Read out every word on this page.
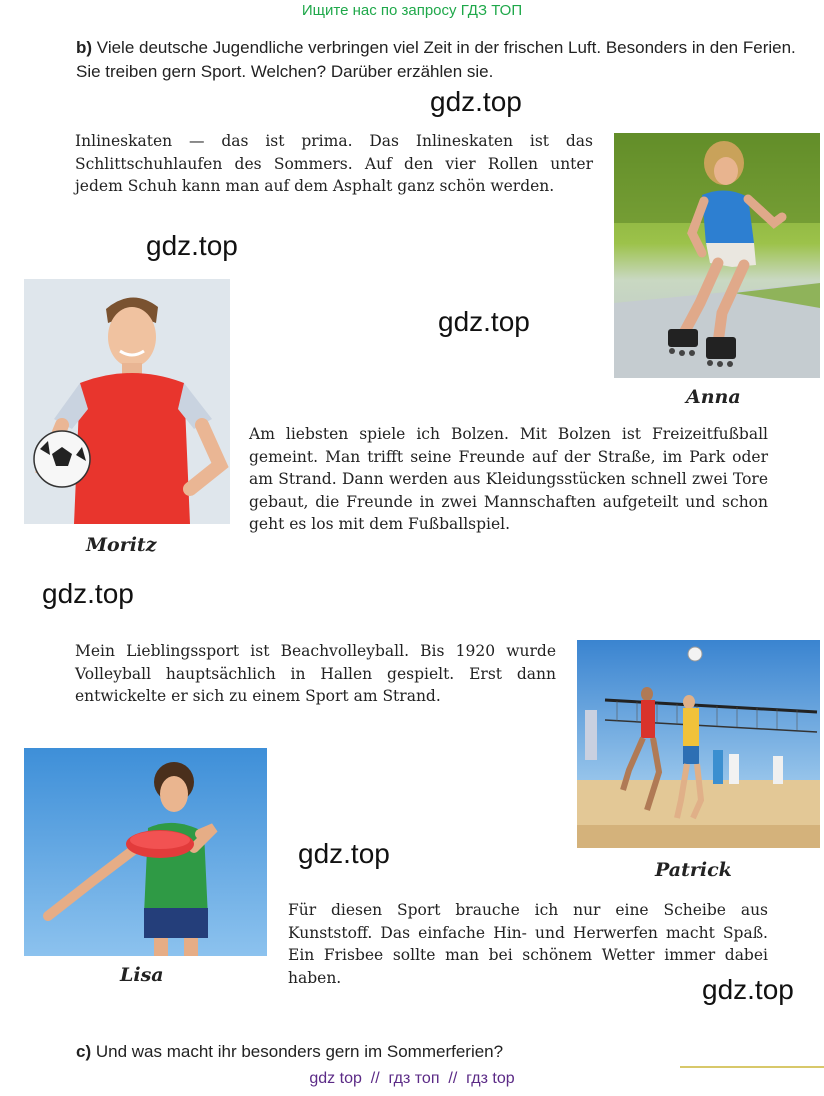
Ищите нас по запросу ГДЗ ТОП
b) Viele deutsche Jugendliche verbringen viel Zeit in der frischen Luft. Besonders in den Ferien. Sie treiben gern Sport. Welchen? Darüber erzählen sie.
gdz.top
gdz.top
gdz.top
gdz.top
gdz.top
gdz.top
Inlineskaten — das ist prima. Das Inlineskaten ist das Schlittschuhlaufen des Sommers. Auf den vier Rollen unter jedem Schuh kann man auf dem Asphalt ganz schön werden.
Anna
Moritz
Am liebsten spiele ich Bolzen. Mit Bolzen ist Freizeitfußball gemeint. Man trifft seine Freunde auf der Straße, im Park oder am Strand. Dann werden aus Kleidungsstücken schnell zwei Tore gebaut, die Freunde in zwei Mannschaften aufgeteilt und schon geht es los mit dem Fußballspiel.
Mein Lieblingssport ist Beachvolleyball. Bis 1920 wurde Volleyball hauptsächlich in Hallen gespielt. Erst dann entwickelte er sich zu einem Sport am Strand.
Patrick
Lisa
Für diesen Sport brauche ich nur eine Scheibe aus Kunststoff. Das einfache Hin- und Herwerfen macht Spaß. Ein Frisbee sollte man bei schönem Wetter immer dabei haben.
c) Und was macht ihr besonders gern im Sommerferien?
gdz top  //  гдз топ  //  гдз top
